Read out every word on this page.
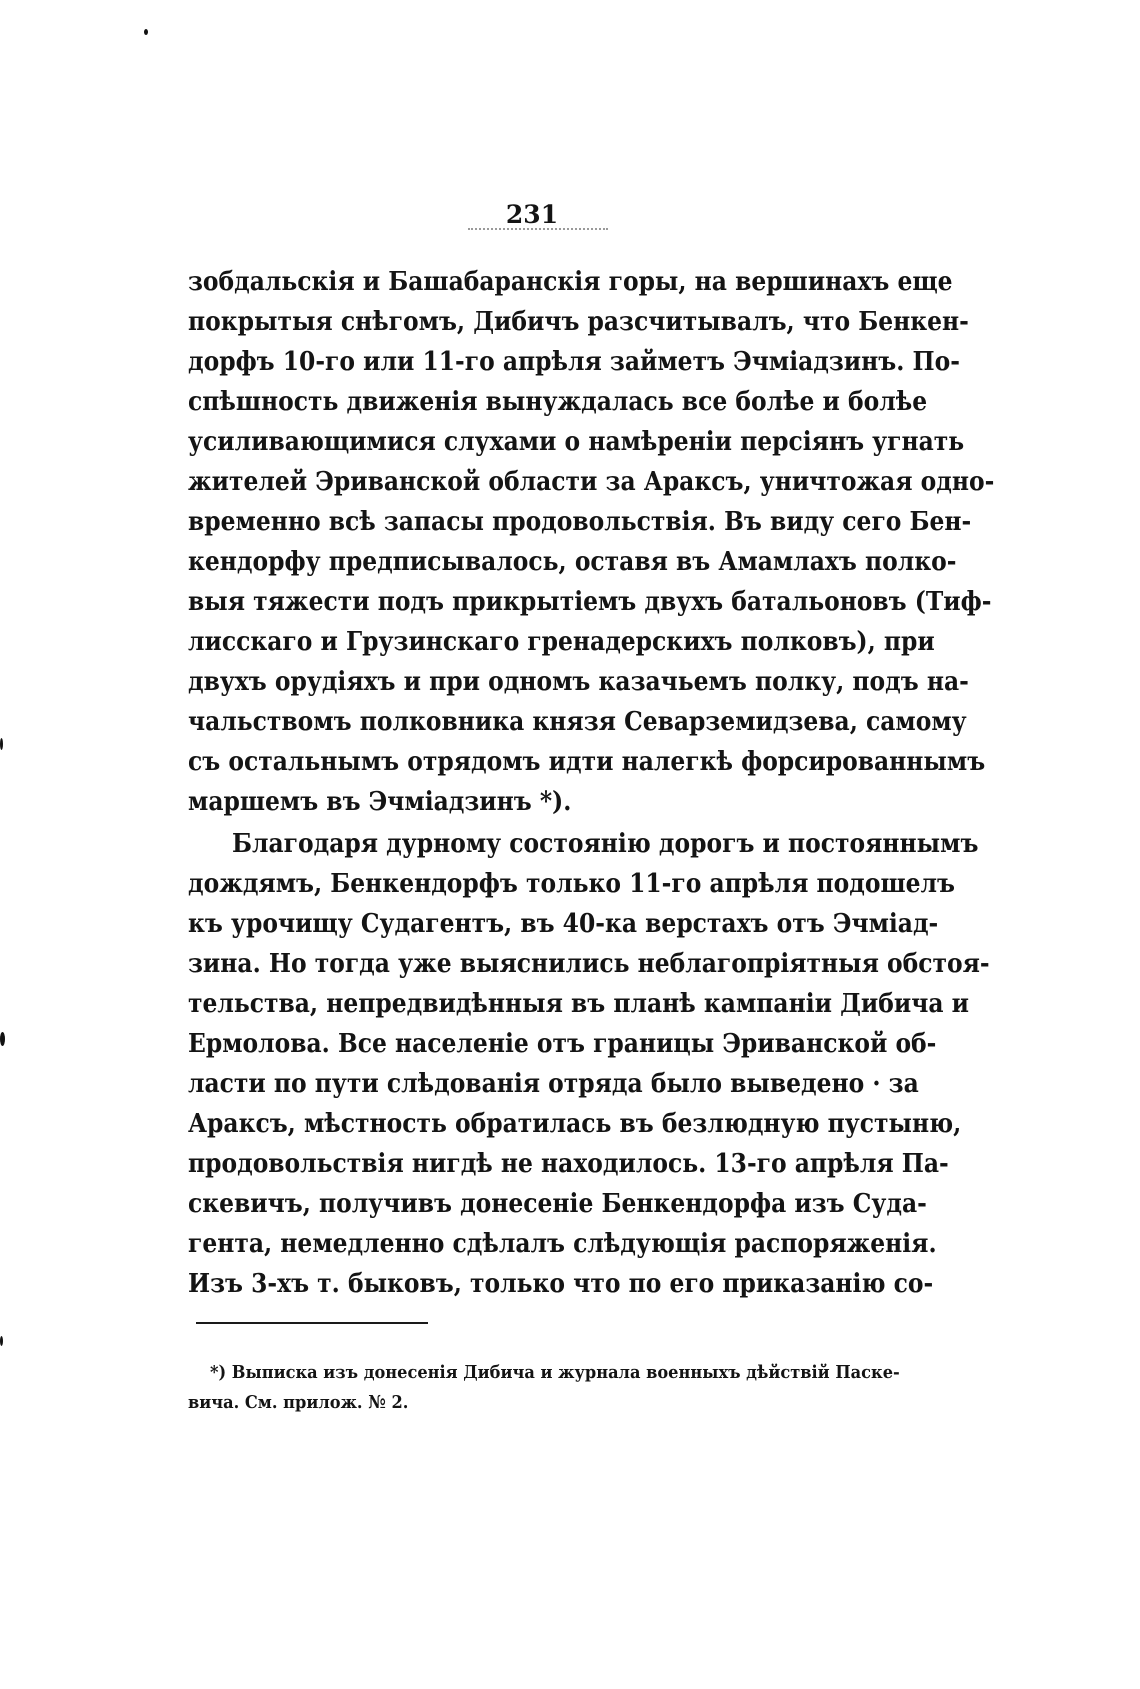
231
зобдальскія и Башабаранскія горы, на вершинахъ еще
покрытыя снѣгомъ, Дибичъ разсчитывалъ, что Бенкен-
дорфъ 10-го или 11-го апрѣля займетъ Эчміадзинъ. По-
спѣшность движенія вынуждалась все болѣе и болѣе
усиливающимися слухами о намѣреніи персіянъ угнать
жителей Эриванской области за Араксъ, уничтожая одно-
временно всѣ запасы продовольствія. Въ виду сего Бен-
кендорфу предписывалось, оставя въ Амамлахъ полко-
выя тяжести подъ прикрытіемъ двухъ батальоновъ (Тиф-
лисскаго и Грузинскаго гренадерскихъ полковъ), при
двухъ орудіяхъ и при одномъ казачьемъ полку, подъ на-
чальствомъ полковника князя Севарземидзева, самому
съ остальнымъ отрядомъ идти налегкѣ форсированнымъ
маршемъ въ Эчміадзинъ *).
Благодаря дурному состоянію дорогъ и постояннымъ
дождямъ, Бенкендорфъ только 11-го апрѣля подошелъ
къ урочищу Судагентъ, въ 40-ка верстахъ отъ Эчміад-
зина. Но тогда уже выяснились неблагопріятныя обстоя-
тельства, непредвидѣнныя въ планѣ кампаніи Дибича и
Ермолова. Все населеніе отъ границы Эриванской об-
ласти по пути слѣдованія отряда было выведено · за
Араксъ, мѣстность обратилась въ безлюдную пустыню,
продовольствія нигдѣ не находилось. 13-го апрѣля Па-
скевичъ, получивъ донесеніе Бенкендорфа изъ Суда-
гента, немедленно сдѣлалъ слѣдующія распоряженія.
Изъ 3-хъ т. быковъ, только что по его приказанію со-
*) Выписка изъ донесенія Дибича и журнала военныхъ дѣйствій Паске-
вича. См. прилож. № 2.
